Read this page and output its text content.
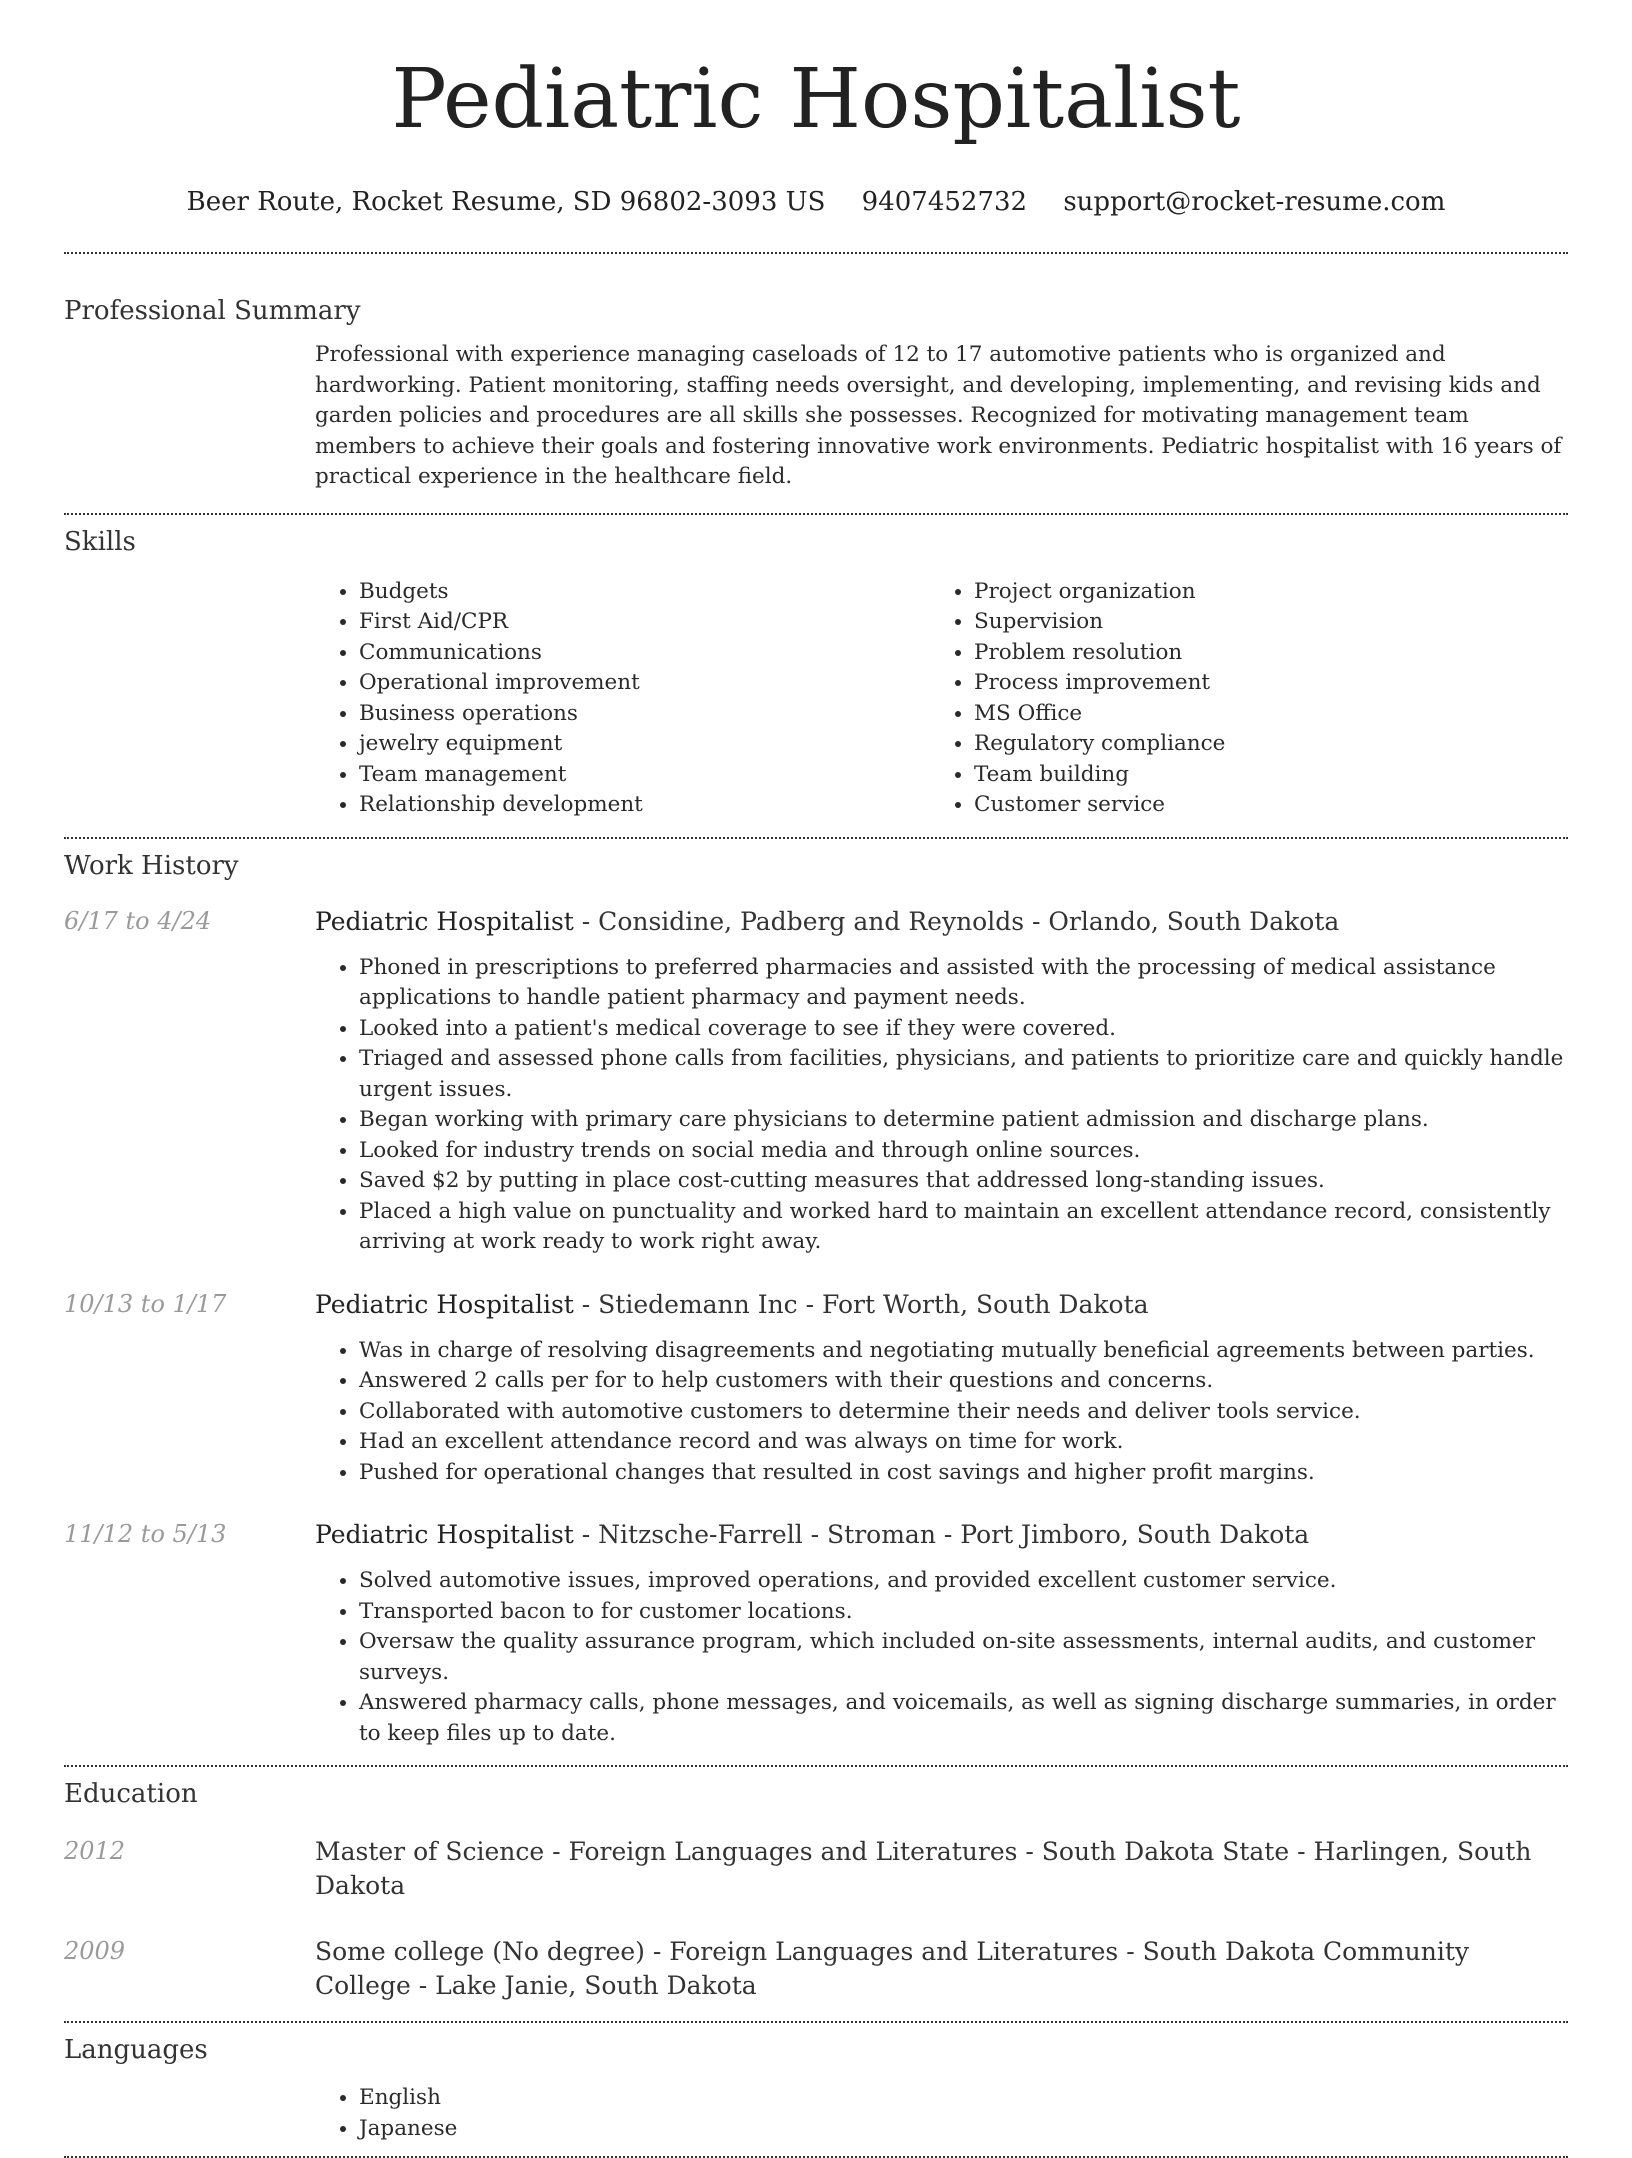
Pediatric Hospitalist
Beer Route, Rocket Resume, SD 96802-3093 US 9407452732 support@rocket-resume.com
Professional Summary

Professional with experience managing caseloads of 12 to 17 automotive patients who is organized and hardworking. Patient monitoring, staffing needs oversight, and developing, implementing, and revising kids and garden policies and procedures are all skills she possesses. Recognized for motivating management team members to achieve their goals and fostering innovative work environments. Pediatric hospitalist with 16 years of practical experience in the healthcare field.

Skills
• Budgets
• First Aid/CPR
• Communications
• Operational improvement
• Business operations
• jewelry equipment
• Team management
• Relationship development
• Project organization
• Supervision
• Problem resolution
• Process improvement
• MS Office
• Regulatory compliance
• Team building
• Customer service
Work History
6/17 to 4/24	Pediatric Hospitalist - Considine, Padberg and Reynolds - Orlando, South Dakota
• Phoned in prescriptions to preferred pharmacies and assisted with the processing of medical assistance applications to handle patient pharmacy and payment needs.
• Looked into a patient's medical coverage to see if they were covered.
• Triaged and assessed phone calls from facilities, physicians, and patients to prioritize care and quickly handle urgent issues.
• Began working with primary care physicians to determine patient admission and discharge plans.
• Looked for industry trends on social media and through online sources.
• Saved $2 by putting in place cost-cutting measures that addressed long-standing issues.
• Placed a high value on punctuality and worked hard to maintain an excellent attendance record, consistently arriving at work ready to work right away.
10/13 to 1/17	Pediatric Hospitalist - Stiedemann Inc - Fort Worth, South Dakota
• Was in charge of resolving disagreements and negotiating mutually beneficial agreements between parties.
• Answered 2 calls per for to help customers with their questions and concerns.
• Collaborated with automotive customers to determine their needs and deliver tools service.
• Had an excellent attendance record and was always on time for work.
• Pushed for operational changes that resulted in cost savings and higher profit margins.
11/12 to 5/13	Pediatric Hospitalist - Nitzsche-Farrell - Stroman - Port Jimboro, South Dakota
• Solved automotive issues, improved operations, and provided excellent customer service.
• Transported bacon to for customer locations.
• Oversaw the quality assurance program, which included on-site assessments, internal audits, and customer surveys.
• Answered pharmacy calls, phone messages, and voicemails, as well as signing discharge summaries, in order to keep files up to date.
Education
2012	Master of Science - Foreign Languages and Literatures - South Dakota State - Harlingen, South Dakota
2009	Some college (No degree) - Foreign Languages and Literatures - South Dakota Community College - Lake Janie, South Dakota
Languages
• English
• Japanese
